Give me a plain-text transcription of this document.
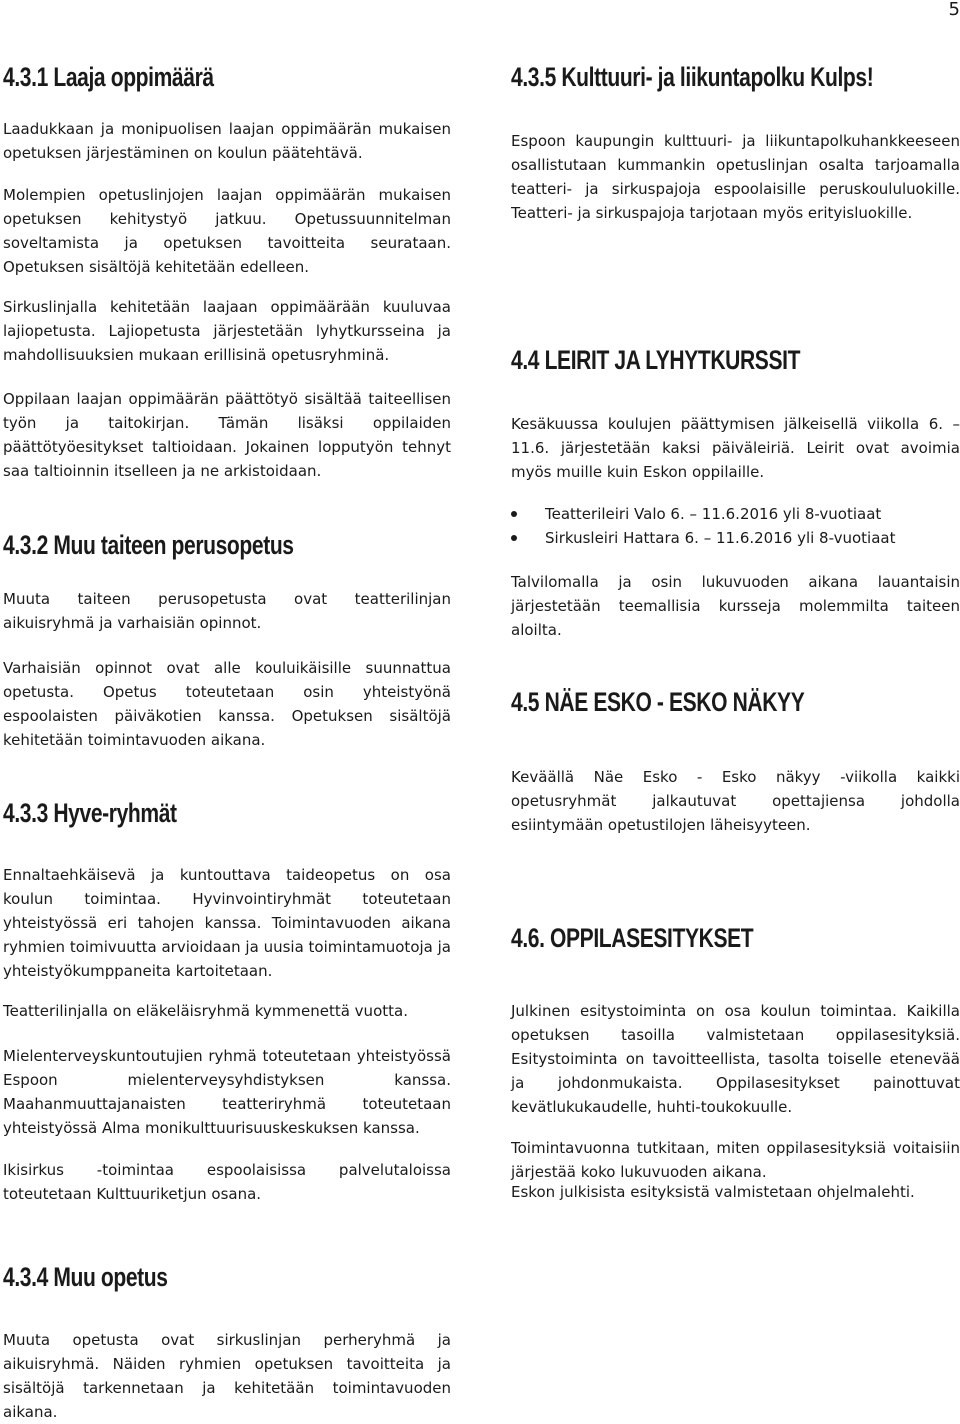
5
4.3.1 Laaja oppimäärä

Laadukkaan ja monipuolisen laajan oppimäärän mukaisen opetuksen järjestäminen on koulun päätehtävä.

Molempien opetuslinjojen laajan oppimäärän mukaisen opetuksen kehitystyö jatkuu. Opetussuunnitelman soveltamista ja opetuksen tavoitteita seurataan. Opetuksen sisältöjä kehitetään edelleen.

Sirkuslinjalla kehitetään laajaan oppimäärään kuuluvaa lajiopetusta. Lajiopetusta järjestetään lyhytkursseina ja mahdollisuuksien mukaan erillisinä opetusryhminä.

Oppilaan laajan oppimäärän päättötyö sisältää taiteellisen työn ja taitokirjan. Tämän lisäksi oppilaiden päättötyöesitykset taltioidaan. Jokainen lopputyön tehnyt saa taltioinnin itselleen ja ne arkistoidaan.

4.3.2 Muu taiteen perusopetus

Muuta taiteen perusopetusta ovat teatterilinjan aikuisryhmä ja varhaisiän opinnot.

Varhaisiän opinnot ovat alle kouluikäisille suunnattua opetusta. Opetus toteutetaan osin yhteistyönä espoolaisten päiväkotien kanssa. Opetuksen sisältöjä kehitetään toimintavuoden aikana.

4.3.3 Hyve-ryhmät

Ennaltaehkäisevä ja kuntouttava taideopetus on osa koulun toimintaa. Hyvinvointiryhmät toteutetaan yhteistyössä eri tahojen kanssa. Toimintavuoden aikana ryhmien toimivuutta arvioidaan ja uusia toimintamuotoja ja yhteistyökumppaneita kartoitetaan.

Teatterilinjalla on eläkeläisryhmä kymmenettä vuotta.

Mielenterveyskuntoutujien ryhmä toteutetaan yhteistyössä Espoon mielenterveysyhdistyksen kanssa. Maahanmuuttajanaisten teatteriryhmä toteutetaan yhteistyössä Alma monikulttuurisuuskeskuksen kanssa.

Ikisirkus -toimintaa espoolaisissa palvelutaloissa toteutetaan Kulttuuriketjun osana.

4.3.4 Muu opetus

Muuta opetusta ovat sirkuslinjan perheryhmä ja aikuisryhmä. Näiden ryhmien opetuksen tavoitteita ja sisältöjä tarkennetaan ja kehitetään toimintavuoden aikana.

4.3.5 Kulttuuri- ja liikuntapolku Kulps!

Espoon kaupungin kulttuuri- ja liikuntapolkuhankkeeseen osallistutaan kummankin opetuslinjan osalta tarjoamalla teatteri- ja sirkuspajoja espoolaisille peruskoululuokille. Teatteri- ja sirkuspajoja tarjotaan myös erityisluokille.

4.4 LEIRIT JA LYHYTKURSSIT

Kesäkuussa koulujen päättymisen jälkeisellä viikolla 6. – 11.6. järjestetään kaksi päiväleiriä. Leirit ovat avoimia myös muille kuin Eskon oppilaille.

Teatterileiri Valo 6. – 11.6.2016 yli 8-vuotiaat
Sirkusleiri Hattara 6. – 11.6.2016 yli 8-vuotiaat

Talvilomalla ja osin lukuvuoden aikana lauantaisin järjestetään teemallisia kursseja molemmilta taiteen aloilta.

4.5 NÄE ESKO - ESKO NÄKYY

Keväällä Näe Esko - Esko näkyy -viikolla kaikki opetusryhmät jalkautuvat opettajiensa johdolla esiintymään opetustilojen läheisyyteen.

4.6. OPPILASESITYKSET

Julkinen esitystoiminta on osa koulun toimintaa. Kaikilla opetuksen tasoilla valmistetaan oppilasesityksiä. Esitystoiminta on tavoitteellista, tasolta toiselle etenevää ja johdonmukaista. Oppilasesitykset painottuvat kevätlukukaudelle, huhti-toukokuulle.

Toimintavuonna tutkitaan, miten oppilasesityksiä voitaisiin järjestää koko lukuvuoden aikana.

Eskon julkisista esityksistä valmistetaan ohjelmalehti.
